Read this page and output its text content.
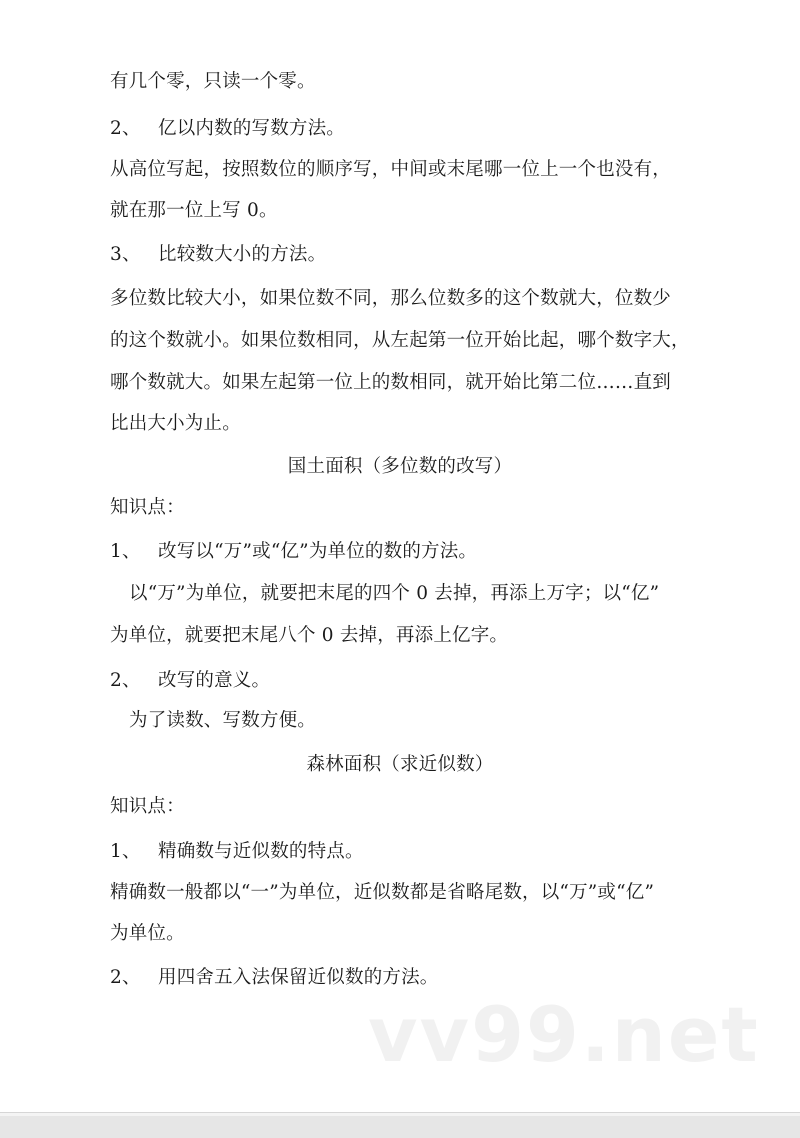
有几个零，只读一个零。
2、 亿以内数的写数方法。
从高位写起，按照数位的顺序写，中间或末尾哪一位上一个也没有，
就在那一位上写 0。
3、 比较数大小的方法。
多位数比较大小，如果位数不同，那么位数多的这个数就大，位数少
的这个数就小。如果位数相同，从左起第一位开始比起，哪个数字大，
哪个数就大。如果左起第一位上的数相同，就开始比第二位……直到
比出大小为止。
国土面积（多位数的改写）
知识点：
1、 改写以“万”或“亿”为单位的数的方法。
以“万”为单位，就要把末尾的四个 0 去掉，再添上万字；以“亿”
为单位，就要把末尾八个 0 去掉，再添上亿字。
2、 改写的意义。
为了读数、写数方便。
森林面积（求近似数）
知识点：
1、 精确数与近似数的特点。
精确数一般都以“一”为单位，近似数都是省略尾数，以“万”或“亿”
为单位。
2、 用四舍五入法保留近似数的方法。
vv99.net
